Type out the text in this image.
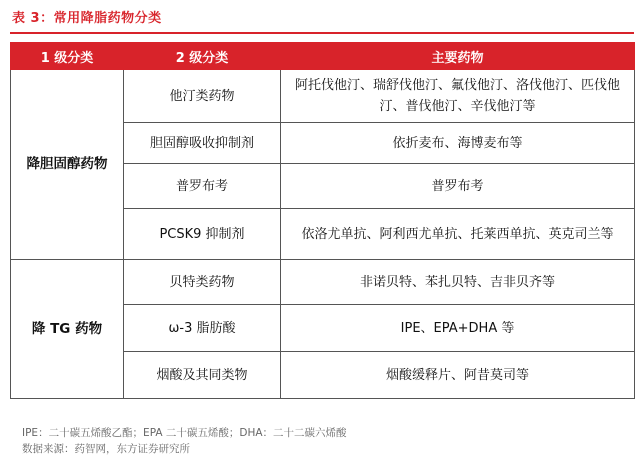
表 3：常用降脂药物分类
1 级分类	2 级分类	主要药物
降胆固醇药物	他汀类药物	阿托伐他汀、瑞舒伐他汀、氟伐他汀、洛伐他汀、匹伐他汀、普伐他汀、辛伐他汀等
	胆固醇吸收抑制剂	依折麦布、海博麦布等
	普罗布考	普罗布考
	PCSK9 抑制剂	依洛尤单抗、阿利西尤单抗、托莱西单抗、英克司兰等
降 TG 药物	贝特类药物	非诺贝特、苯扎贝特、吉非贝齐等
	ω-3 脂肪酸	IPE、EPA+DHA 等
	烟酸及其同类物	烟酸缓释片、阿昔莫司等
IPE：二十碳五烯酸乙酯；EPA 二十碳五烯酸；DHA：二十二碳六烯酸
数据来源：药智网，东方证券研究所
